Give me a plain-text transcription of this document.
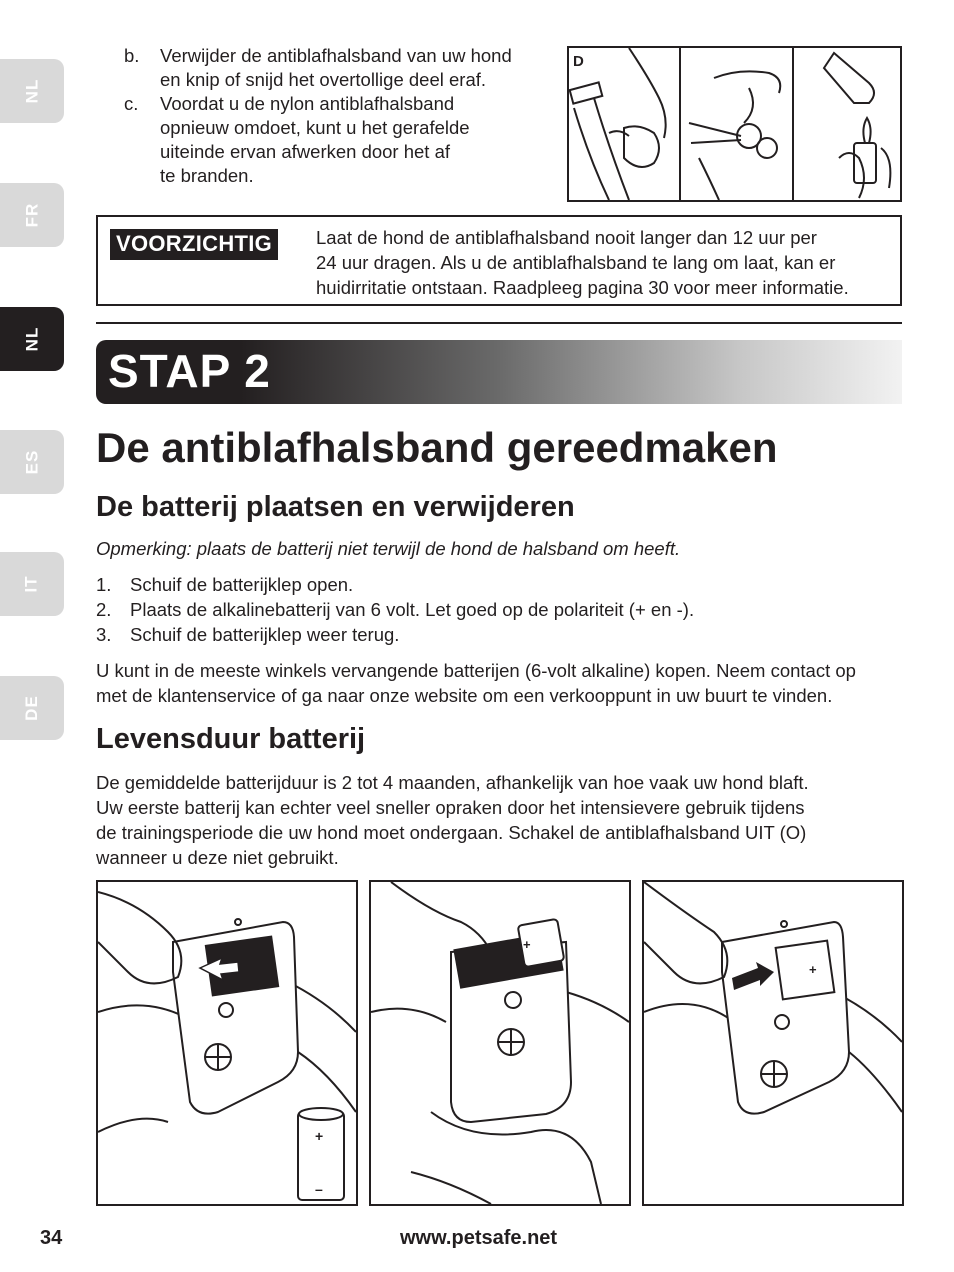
NL
FR
NL
ES
IT
DE
b.	Verwijder de antiblafhalsband van uw hond
en knip of snijd het overtollige deel eraf.
c.	Voordat u de nylon antiblafhalsband
opnieuw omdoet, kunt u het gerafelde
uiteinde ervan afwerken door het af
te branden.
D
VOORZICHTIG	Laat de hond de antiblafhalsband nooit langer dan 12 uur per
24 uur dragen. Als u de antiblafhalsband te lang om laat, kan er
huidirritatie ontstaan. Raadpleeg pagina 30 voor meer informatie.
STAP 2
De antiblafhalsband gereedmaken
De batterij plaatsen en verwijderen
Opmerking: plaats de batterij niet terwijl de hond de halsband om heeft.
1.	Schuif de batterijklep open.
2.	Plaats de alkalinebatterij van 6 volt. Let goed op de polariteit (+ en -).
3.	Schuif de batterijklep weer terug.
U kunt in de meeste winkels vervangende batterijen (6-volt alkaline) kopen. Neem contact op
met de klantenservice of ga naar onze website om een verkooppunt in uw buurt te vinden.
Levensduur batterij
De gemiddelde batterijduur is 2 tot 4 maanden, afhankelijk van hoe vaak uw hond blaft.
Uw eerste batterij kan echter veel sneller opraken door het intensievere gebruik tijdens
de trainingsperiode die uw hond moet ondergaan. Schakel de antiblafhalsband UIT (O)
wanneer u deze niet gebruikt.
+
–
+
+
34	www.petsafe.net
